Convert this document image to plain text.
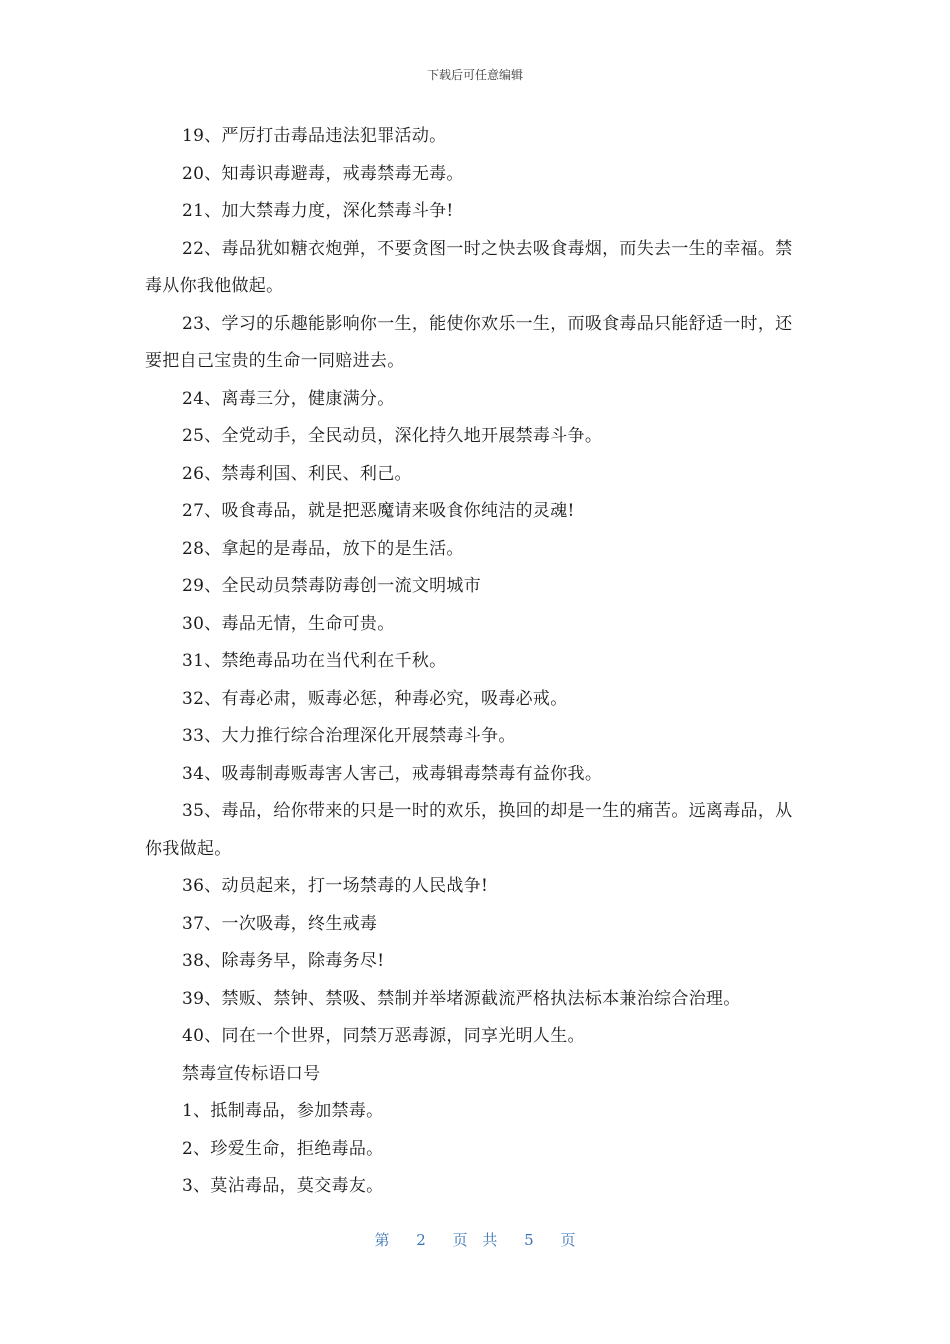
下载后可任意编辑

19、严厉打击毒品违法犯罪活动。

20、知毒识毒避毒，戒毒禁毒无毒。

21、加大禁毒力度，深化禁毒斗争!

22、毒品犹如糖衣炮弹，不要贪图一时之快去吸食毒烟，而失去一生的幸福。禁毒从你我他做起。

23、学习的乐趣能影响你一生，能使你欢乐一生，而吸食毒品只能舒适一时，还要把自己宝贵的生命一同赔进去。

24、离毒三分，健康满分。

25、全党动手，全民动员，深化持久地开展禁毒斗争。

26、禁毒利国、利民、利己。

27、吸食毒品，就是把恶魔请来吸食你纯洁的灵魂!

28、拿起的是毒品，放下的是生活。

29、全民动员禁毒防毒创一流文明城市

30、毒品无情，生命可贵。

31、禁绝毒品功在当代利在千秋。

32、有毒必肃，贩毒必惩，种毒必究，吸毒必戒。

33、大力推行综合治理深化开展禁毒斗争。

34、吸毒制毒贩毒害人害己，戒毒辑毒禁毒有益你我。

35、毒品，给你带来的只是一时的欢乐，换回的却是一生的痛苦。远离毒品，从你我做起。

36、动员起来，打一场禁毒的人民战争!

37、一次吸毒，终生戒毒

38、除毒务早，除毒务尽!

39、禁贩、禁钟、禁吸、禁制并举堵源截流严格执法标本兼治综合治理。

40、同在一个世界，同禁万恶毒源，同享光明人生。

禁毒宣传标语口号

1、抵制毒品，参加禁毒。

2、珍爱生命，拒绝毒品。

3、莫沾毒品，莫交毒友。

第 2 页 共 5 页
